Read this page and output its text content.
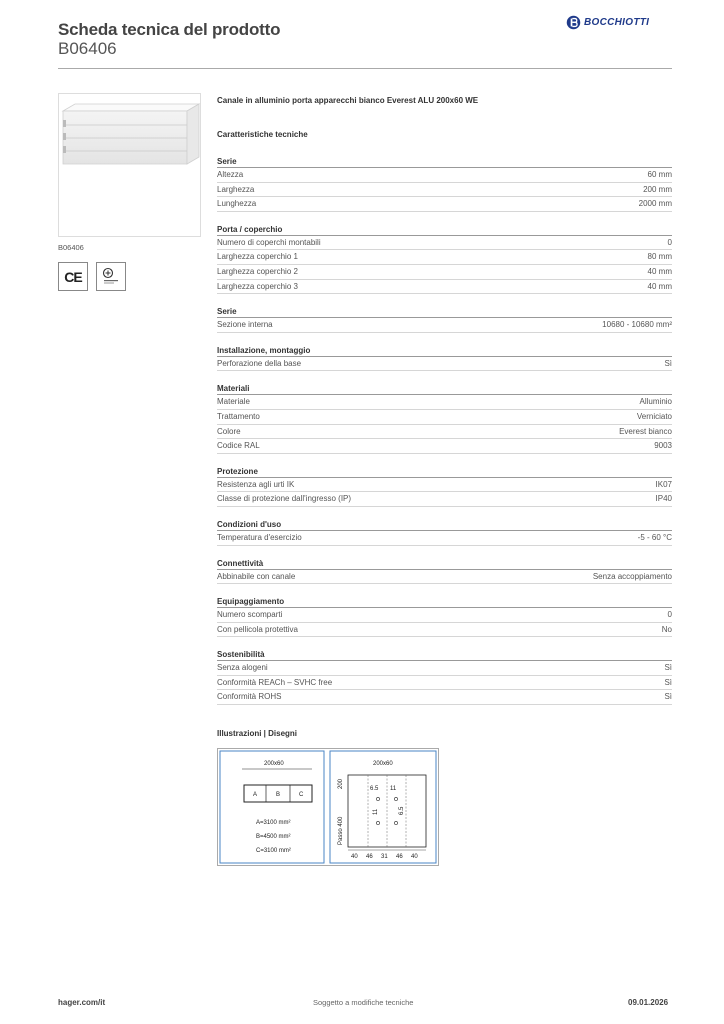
Scheda tecnica del prodotto
B06406
BOCCHIOTTI
B06406
CE
Canale in alluminio porta apparecchi bianco Everest ALU 200x60 WE
Caratteristiche tecniche
Serie
Altezza	60 mm
Larghezza	200 mm
Lunghezza	2000 mm
Porta / coperchio
Numero di coperchi montabili	0
Larghezza coperchio 1	80 mm
Larghezza coperchio 2	40 mm
Larghezza coperchio 3	40 mm
Serie
Sezione interna	10680 - 10680 mm²
Installazione, montaggio
Perforazione della base	Sì
Materiali
Materiale	Alluminio
Trattamento	Verniciato
Colore	Everest bianco
Codice RAL	9003
Protezione
Resistenza agli urti IK	IK07
Classe di protezione dall'ingresso (IP)	IP40
Condizioni d'uso
Temperatura d'esercizio	-5 - 60 °C
Connettività
Abbinabile con canale	Senza accoppiamento
Equipaggiamento
Numero scomparti	0
Con pellicola protettiva	No
Sostenibilità
Senza alogeni	Sì
Conformità REACh – SVHC free	Sì
Conformità ROHS	Sì
Illustrazioni | Disegni
200x60
A	B	C
A=3100 mm²
B=4500 mm²
C=3100 mm²
200x60
6.5 11
11	6.5
200
Passo 400
40 46 31 46 40
hager.com/it	Soggetto a modifiche tecniche	09.01.2026
